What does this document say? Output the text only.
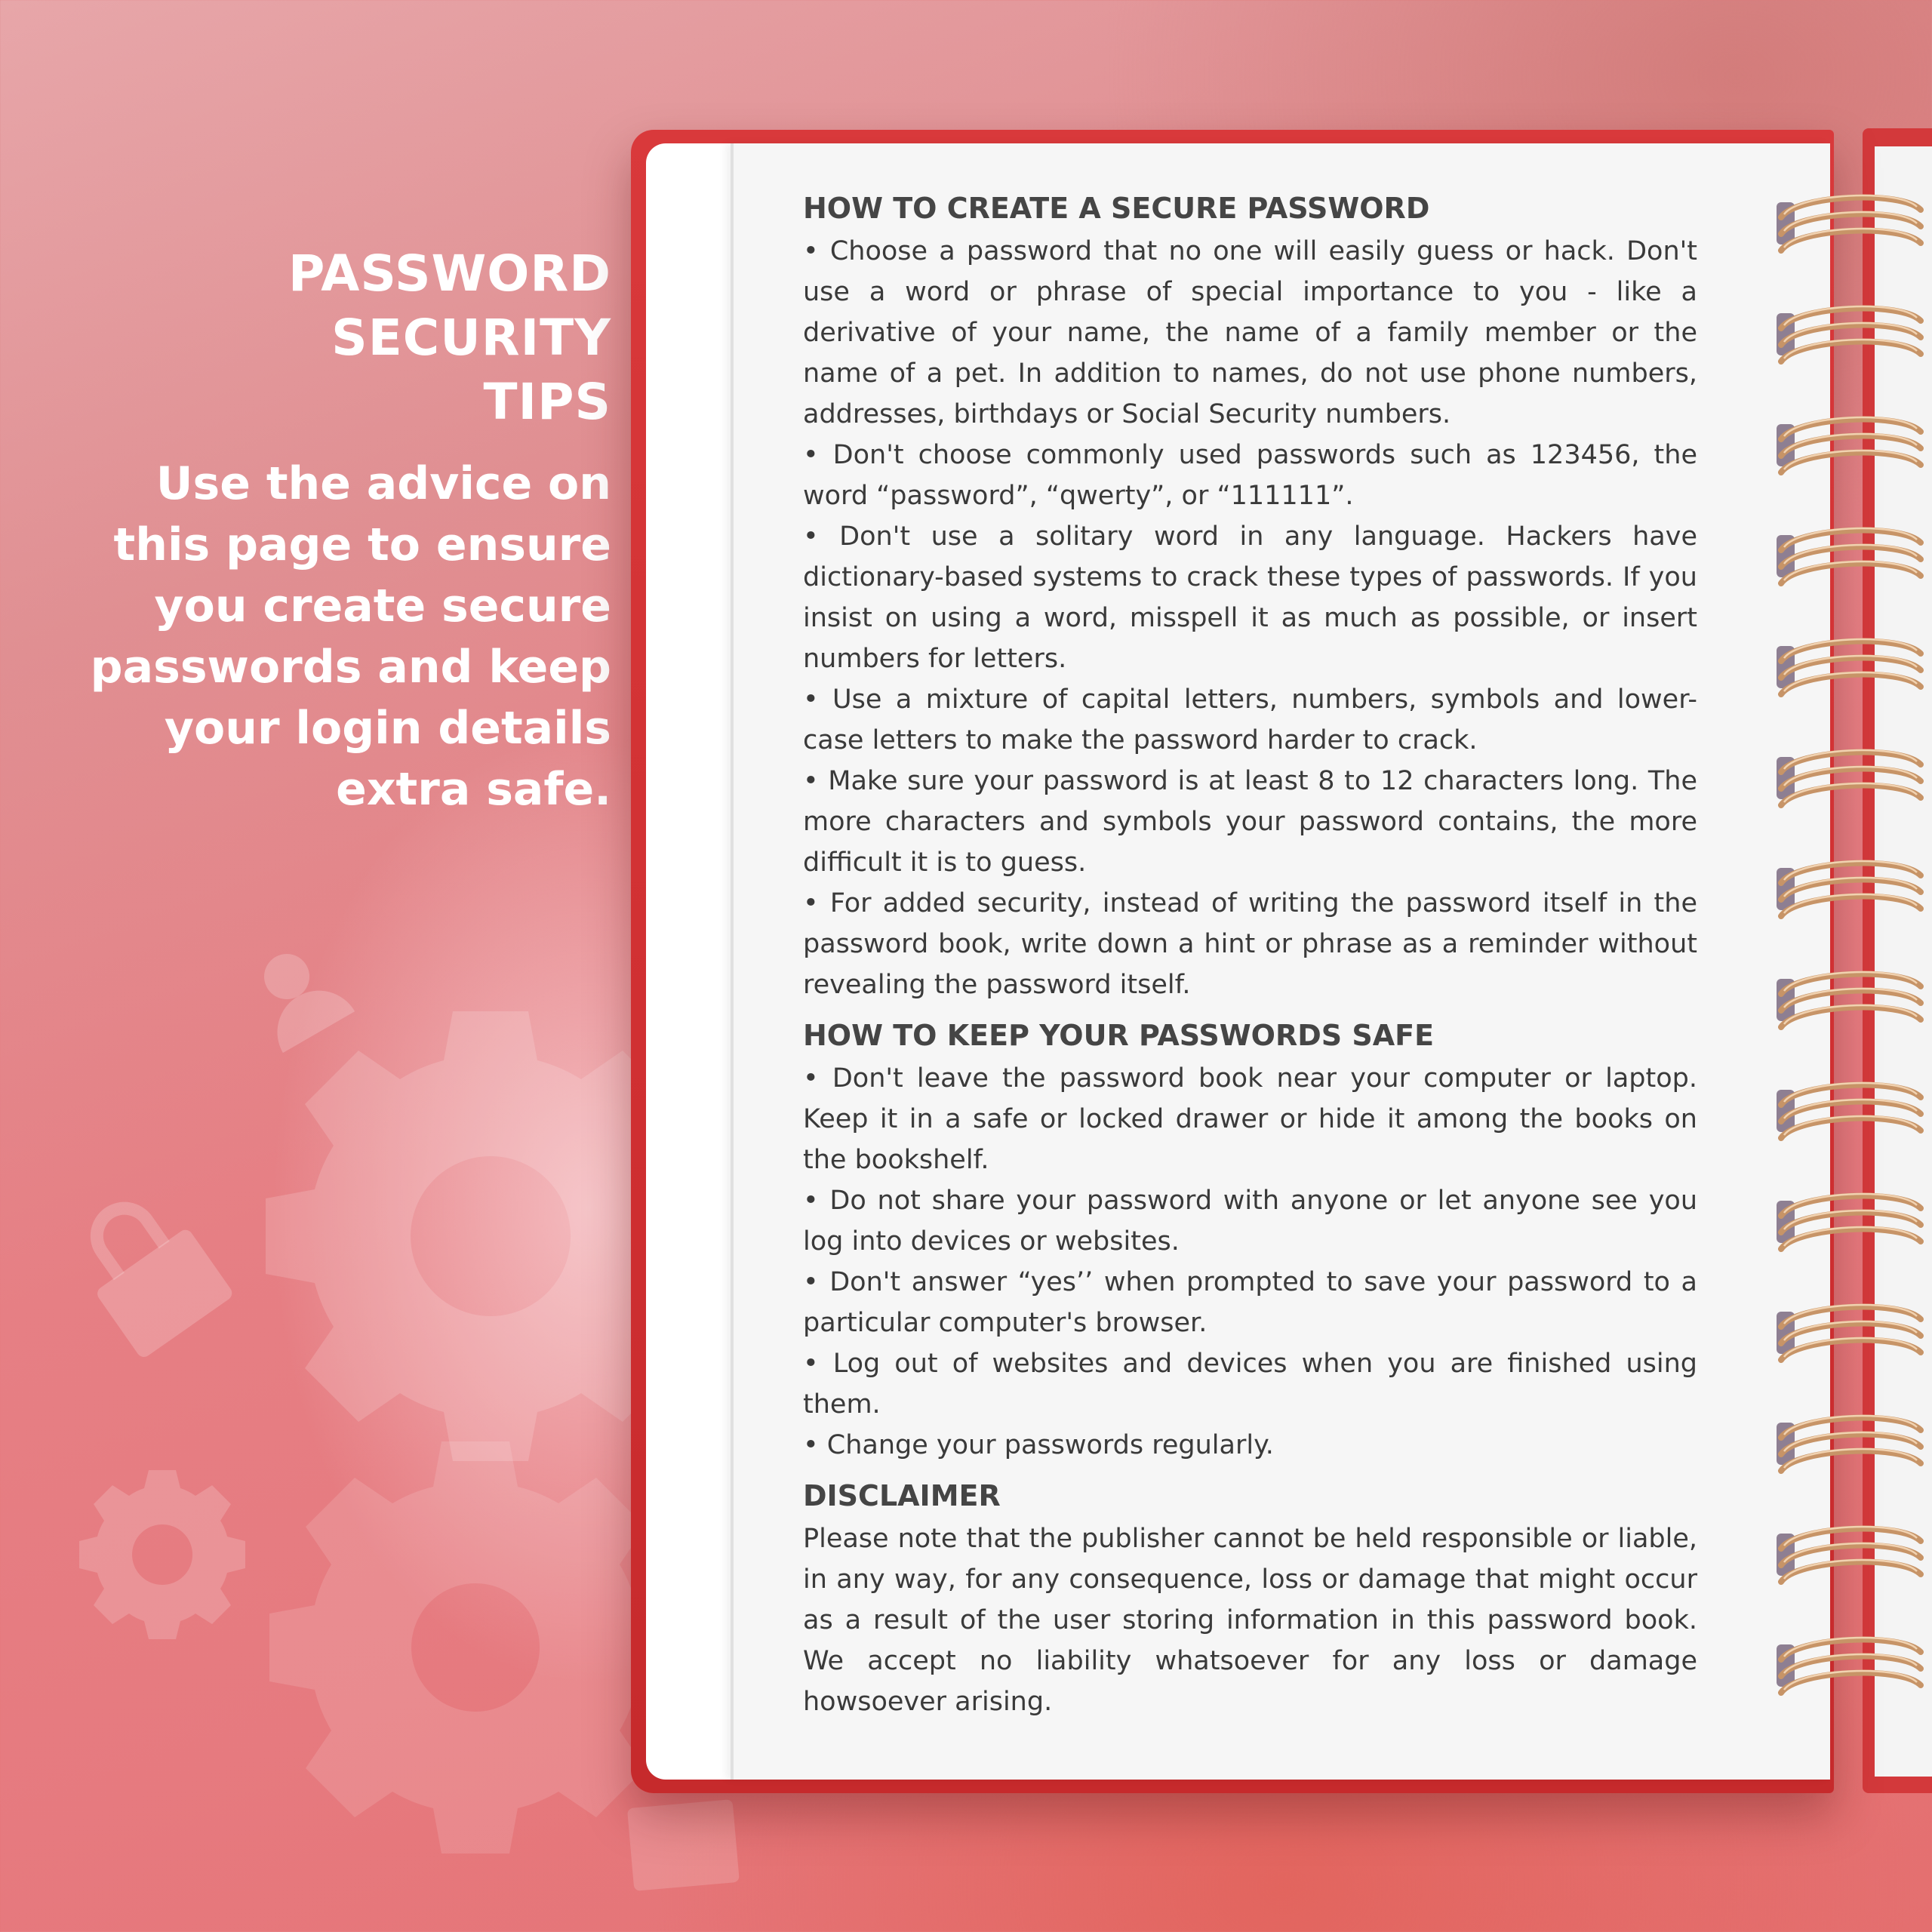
PASSWORD
SECURITY
TIPS
Use the advice on
this page to ensure
you create secure
passwords and keep
your login details
extra safe.
HOW TO CREATE A SECURE PASSWORD

• Choose a password that no one will easily guess or hack. Don't use a word or phrase of special importance to you - like a derivative of your name, the name of a family member or the name of a pet. In addition to names, do not use phone numbers, addresses, birthdays or Social Security numbers.

• Don't choose commonly used passwords such as 123456, the word “password”, “qwerty”, or “111111”.

• Don't use a solitary word in any language. Hackers have dictionary-based systems to crack these types of passwords. If you insist on using a word, misspell it as much as possible, or insert numbers for letters.

• Use a mixture of capital letters, numbers, symbols and lower-case letters to make the password harder to crack.

• Make sure your password is at least 8 to 12 characters long. The more characters and symbols your password contains, the more difficult it is to guess.

• For added security, instead of writing the password itself in the password book, write down a hint or phrase as a reminder without revealing the password itself.

HOW TO KEEP YOUR PASSWORDS SAFE

• Don't leave the password book near your computer or laptop. Keep it in a safe or locked drawer or hide it among the books on the bookshelf.

• Do not share your password with anyone or let anyone see you log into devices or websites.

• Don't answer “yes’’ when prompted to save your password to a particular computer's browser.

• Log out of websites and devices when you are finished using them.

• Change your passwords regularly.

DISCLAIMER

Please note that the publisher cannot be held responsible or liable, in any way, for any consequence, loss or damage that might occur as a result of the user storing information in this password book. We accept no liability whatsoever for any loss or damage howsoever arising.
